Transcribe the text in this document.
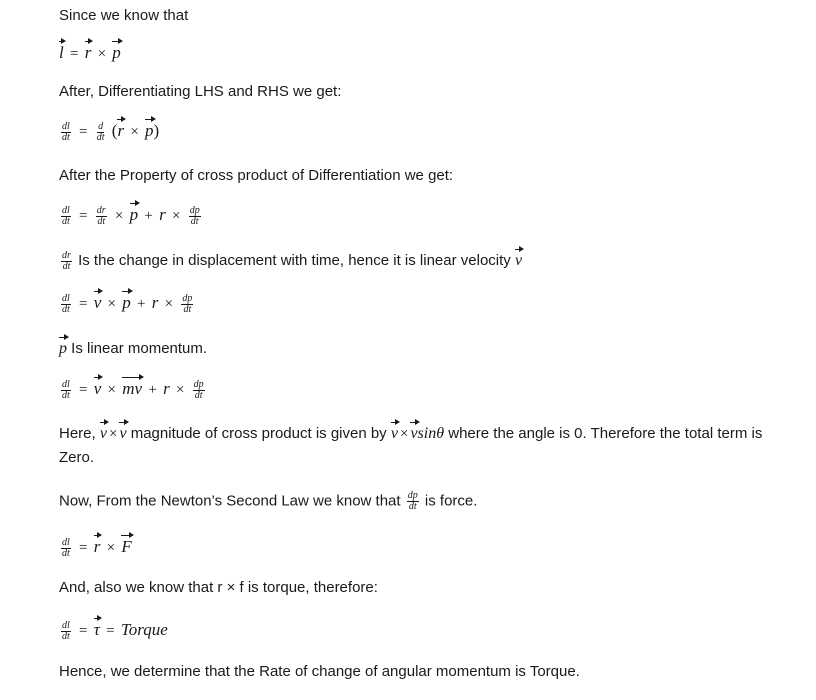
Since we know that
l = r × p
After, Differentiating LHS and RHS we get:
$\frac{dl}{dt} = \frac{d}{dt} (r \times p)$
After the Property of cross product of Differentiation we get:
$\frac{dl}{dt} = \frac{dr}{dt} \times p + r \times \frac{dp}{dt}$
$\frac{dr}{dt}$ Is the change in displacement with time, hence it is linear velocity v
$\frac{dl}{dt} = v \times p + r \times \frac{dp}{dt}$
p Is linear momentum.
$\frac{dl}{dt} = v$ × mv + $r \times \frac{dp}{dt}$
Here, v × v magnitude of cross product is given by v × vsinθ where the angle is 0. Therefore the total term is Zero.
Now, From the Newton’s Second Law we know that $\frac{dp}{dt}$ is force.
$\frac{dl}{dt} = r \times F$
And, also we know that r × f is torque, therefore:
$\frac{dl}{dt} = \tau$ = Torque
Hence, we determine that the Rate of change of angular momentum is Torque.
